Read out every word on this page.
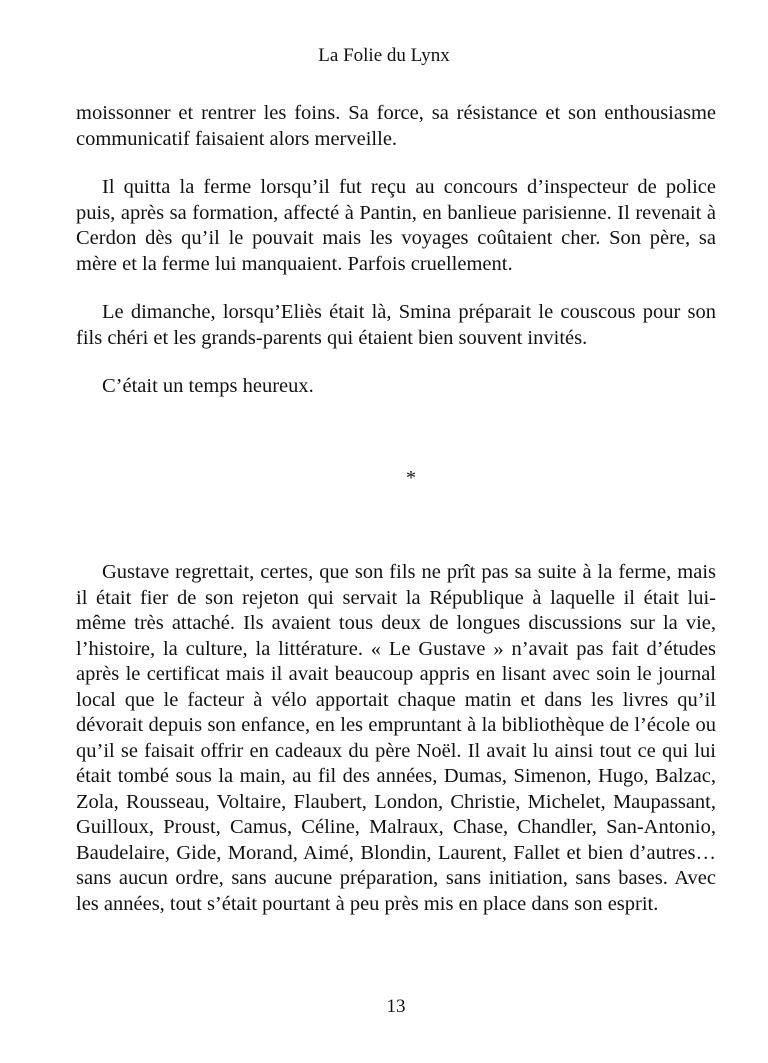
La Folie du Lynx

moissonner et rentrer les foins. Sa force, sa résistance et son enthousiasme communicatif faisaient alors merveille.

Il quitta la ferme lorsqu’il fut reçu au concours d’inspecteur de police puis, après sa formation, affecté à Pantin, en banlieue parisienne. Il revenait à Cerdon dès qu’il le pouvait mais les voyages coûtaient cher. Son père, sa mère et la ferme lui manquaient. Parfois cruellement.

Le dimanche, lorsqu’Eliès était là, Smina préparait le couscous pour son fils chéri et les grands-parents qui étaient bien souvent invités.

C’était un temps heureux.

*

Gustave regrettait, certes, que son fils ne prît pas sa suite à la ferme, mais il était fier de son rejeton qui servait la République à laquelle il était lui-même très attaché. Ils avaient tous deux de longues discussions sur la vie, l’histoire, la culture, la littérature. « Le Gustave » n’avait pas fait d’études après le certificat mais il avait beaucoup appris en lisant avec soin le journal local que le facteur à vélo apportait chaque matin et dans les livres qu’il dévorait depuis son enfance, en les empruntant à la bibliothèque de l’école ou qu’il se faisait offrir en cadeaux du père Noël. Il avait lu ainsi tout ce qui lui était tombé sous la main, au fil des années, Dumas, Simenon, Hugo, Balzac, Zola, Rousseau, Voltaire, Flaubert, London, Christie, Michelet, Maupassant, Guilloux, Proust, Camus, Céline, Malraux, Chase, Chandler, San-Antonio, Baudelaire, Gide, Morand, Aimé, Blondin, Laurent, Fallet et bien d’autres…sans aucun ordre, sans aucune préparation, sans initiation, sans bases. Avec les années, tout s’était pourtant à peu près mis en place dans son esprit.

13
